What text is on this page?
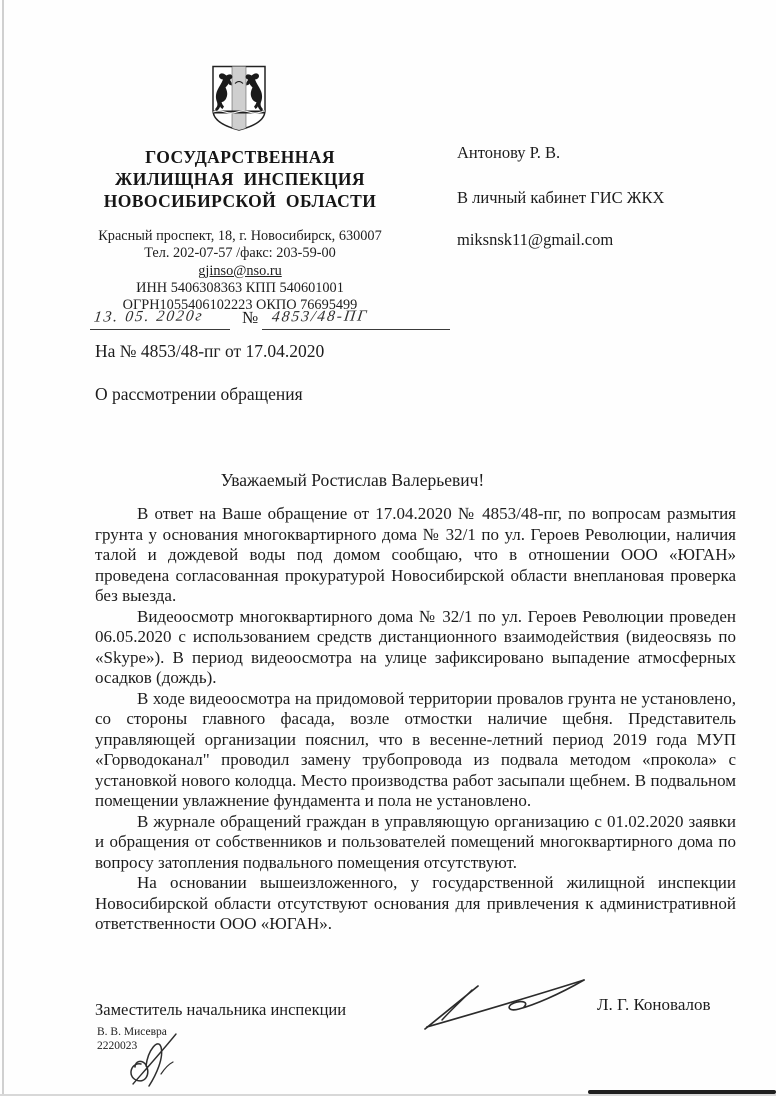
ГОСУДАРСТВЕННАЯ
ЖИЛИЩНАЯ ИНСПЕКЦИЯ
НОВОСИБИРСКОЙ ОБЛАСТИ
Красный проспект, 18, г. Новосибирск, 630007
Тел. 202-07-57 /факс: 203-59-00
gjinso@nso.ru
ИНН 5406308363 КПП 540601001
ОГРН1055406102223 ОКПО 76695499
13. 05. 2020г № 4853/48-ПГ
На № 4853/48-пг от 17.04.2020
О рассмотрении обращения
Антонову Р. В.
В личный кабинет ГИС ЖКХ
miksnsk11@gmail.com
Уважаемый Ростислав Валерьевич!

В ответ на Ваше обращение от 17.04.2020 № 4853/48-пг, по вопросам размытия грунта у основания многоквартирного дома № 32/1 по ул. Героев Революции, наличия талой и дождевой воды под домом сообщаю, что в отношении ООО «ЮГАН» проведена согласованная прокуратурой Новосибирской области внеплановая проверка без выезда.

Видеоосмотр многоквартирного дома № 32/1 по ул. Героев Революции проведен 06.05.2020 с использованием средств дистанционного взаимодействия (видеосвязь по «Skype»). В период видеоосмотра на улице зафиксировано выпадение атмосферных осадков (дождь).

В ходе видеоосмотра на придомовой территории провалов грунта не установлено, со стороны главного фасада, возле отмостки наличие щебня. Представитель управляющей организации пояснил, что в весенне-летний период 2019 года МУП «Горводоканал" проводил замену трубопровода из подвала методом «прокола» с установкой нового колодца. Место производства работ засыпали щебнем. В подвальном помещении увлажнение фундамента и пола не установлено.

В журнале обращений граждан в управляющую организацию с 01.02.2020 заявки и обращения от собственников и пользователей помещений многоквартирного дома по вопросу затопления подвального помещения отсутствуют.

На основании вышеизложенного, у государственной жилищной инспекции Новосибирской области отсутствуют основания для привлечения к административной ответственности ООО «ЮГАН».

Заместитель начальника инспекции	Л. Г. Коновалов
В. В. Мисевра
2220023
